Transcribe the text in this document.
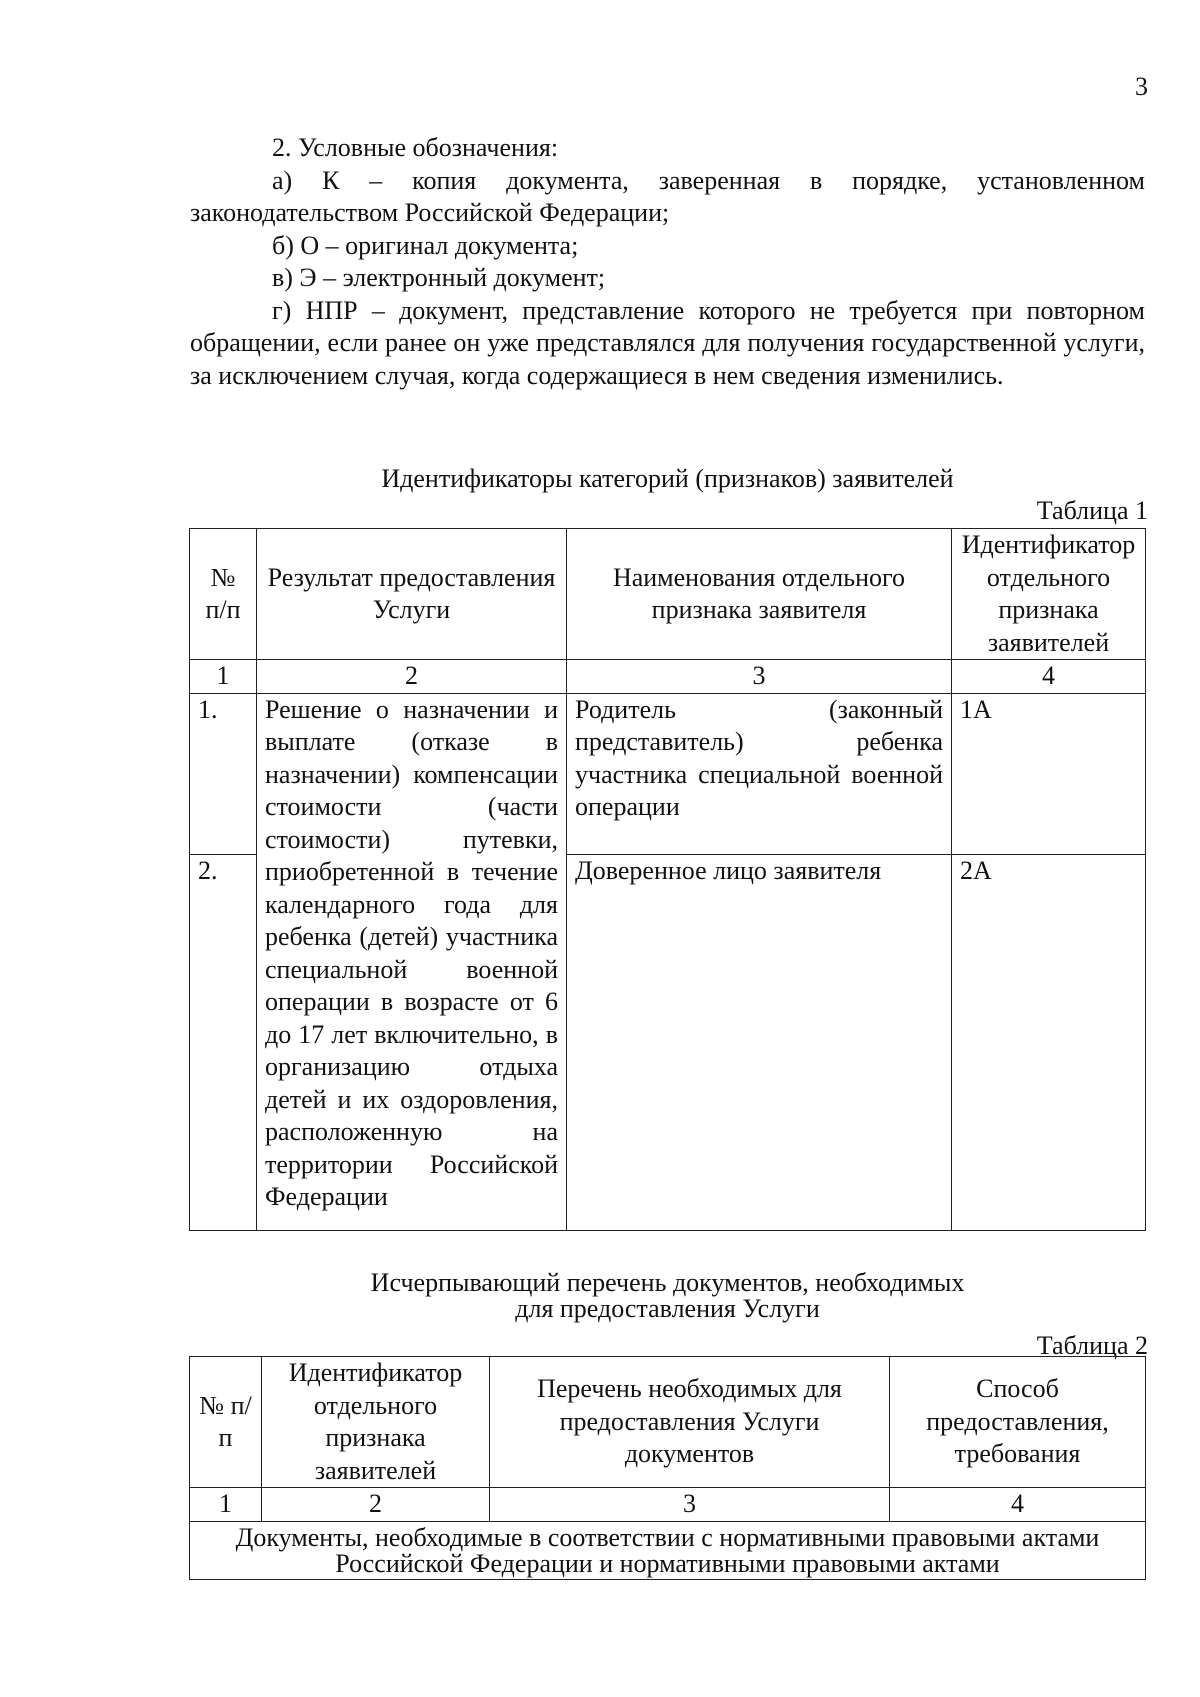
3

2. Условные обозначения:

а) К – копия документа, заверенная в порядке, установленном законодательством Российской Федерации;

б) О – оригинал документа;

в) Э – электронный документ;

г) НПР – документ, представление которого не требуется при повторном обращении, если ранее он уже представлялся для получения государственной услуги, за исключением случая, когда содержащиеся в нем сведения изменились.

Идентификаторы категорий (признаков) заявителей
Таблица 1
№ п/п	Результат предоставления Услуги	Наименования отдельного признака заявителя	Идентификатор отдельного признака заявителей
1	2	3	4
1.	Решение о назначении и выплате (отказе в назначении) компенсации стоимости (части стоимости) путевки, приобретенной в течение календарного года для ребенка (детей) участника специальной военной операции в возрасте от 6 до 17 лет включительно, в организацию отдыха детей и их оздоровления, расположенную на территории Российской Федерации	Родитель (законный представитель) ребенка участника специальной военной операции	1А
2.		Доверенное лицо заявителя	2А
Исчерпывающий перечень документов, необходимых
для предоставления Услуги
Таблица 2
№ п/п	Идентификатор отдельного признака заявителей	Перечень необходимых для предоставления Услуги документов	Способ предоставления, требования
1	2	3	4
Документы, необходимые в соответствии с нормативными правовыми актами Российской Федерации и нормативными правовыми актами			
